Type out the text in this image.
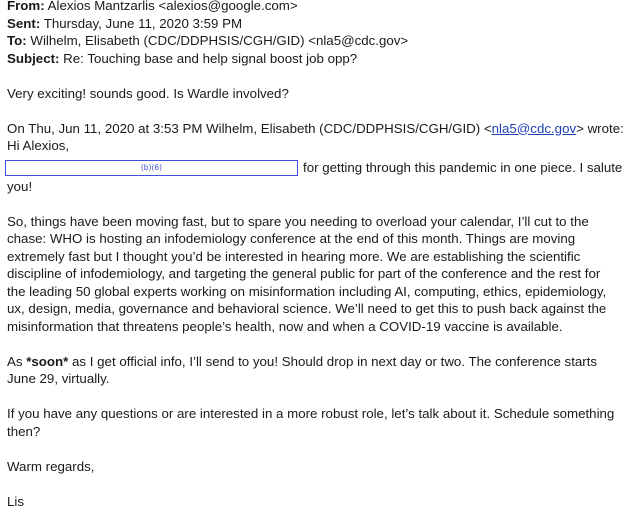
From: Alexios Mantzarlis <alexios@google.com>
Sent: Thursday, June 11, 2020 3:59 PM
To: Wilhelm, Elisabeth (CDC/DDPHSIS/CGH/GID) <nla5@cdc.gov>
Subject: Re: Touching base and help signal boost job opp?

Very exciting! sounds good. Is Wardle involved?

On Thu, Jun 11, 2020 at 3:53 PM Wilhelm, Elisabeth (CDC/DDPHSIS/CGH/GID) <nla5@cdc.gov> wrote:
Hi Alexios,
(b)(6)	for getting through this pandemic in one piece. I salute
you!

So, things have been moving fast, but to spare you needing to overload your calendar, I’ll cut to the chase: WHO is hosting an infodemiology conference at the end of this month. Things are moving extremely fast but I thought you’d be interested in hearing more. We are establishing the scientific discipline of infodemiology, and targeting the general public for part of the conference and the rest for the leading 50 global experts working on misinformation including AI, computing, ethics, epidemiology, ux, design, media, governance and behavioral science. We’ll need to get this to push back against the misinformation that threatens people’s health, now and when a COVID-19 vaccine is available.

As *soon* as I get official info, I’ll send to you! Should drop in next day or two. The conference starts June 29, virtually.

If you have any questions or are interested in a more robust role, let’s talk about it. Schedule something then?

Warm regards,
Lis
